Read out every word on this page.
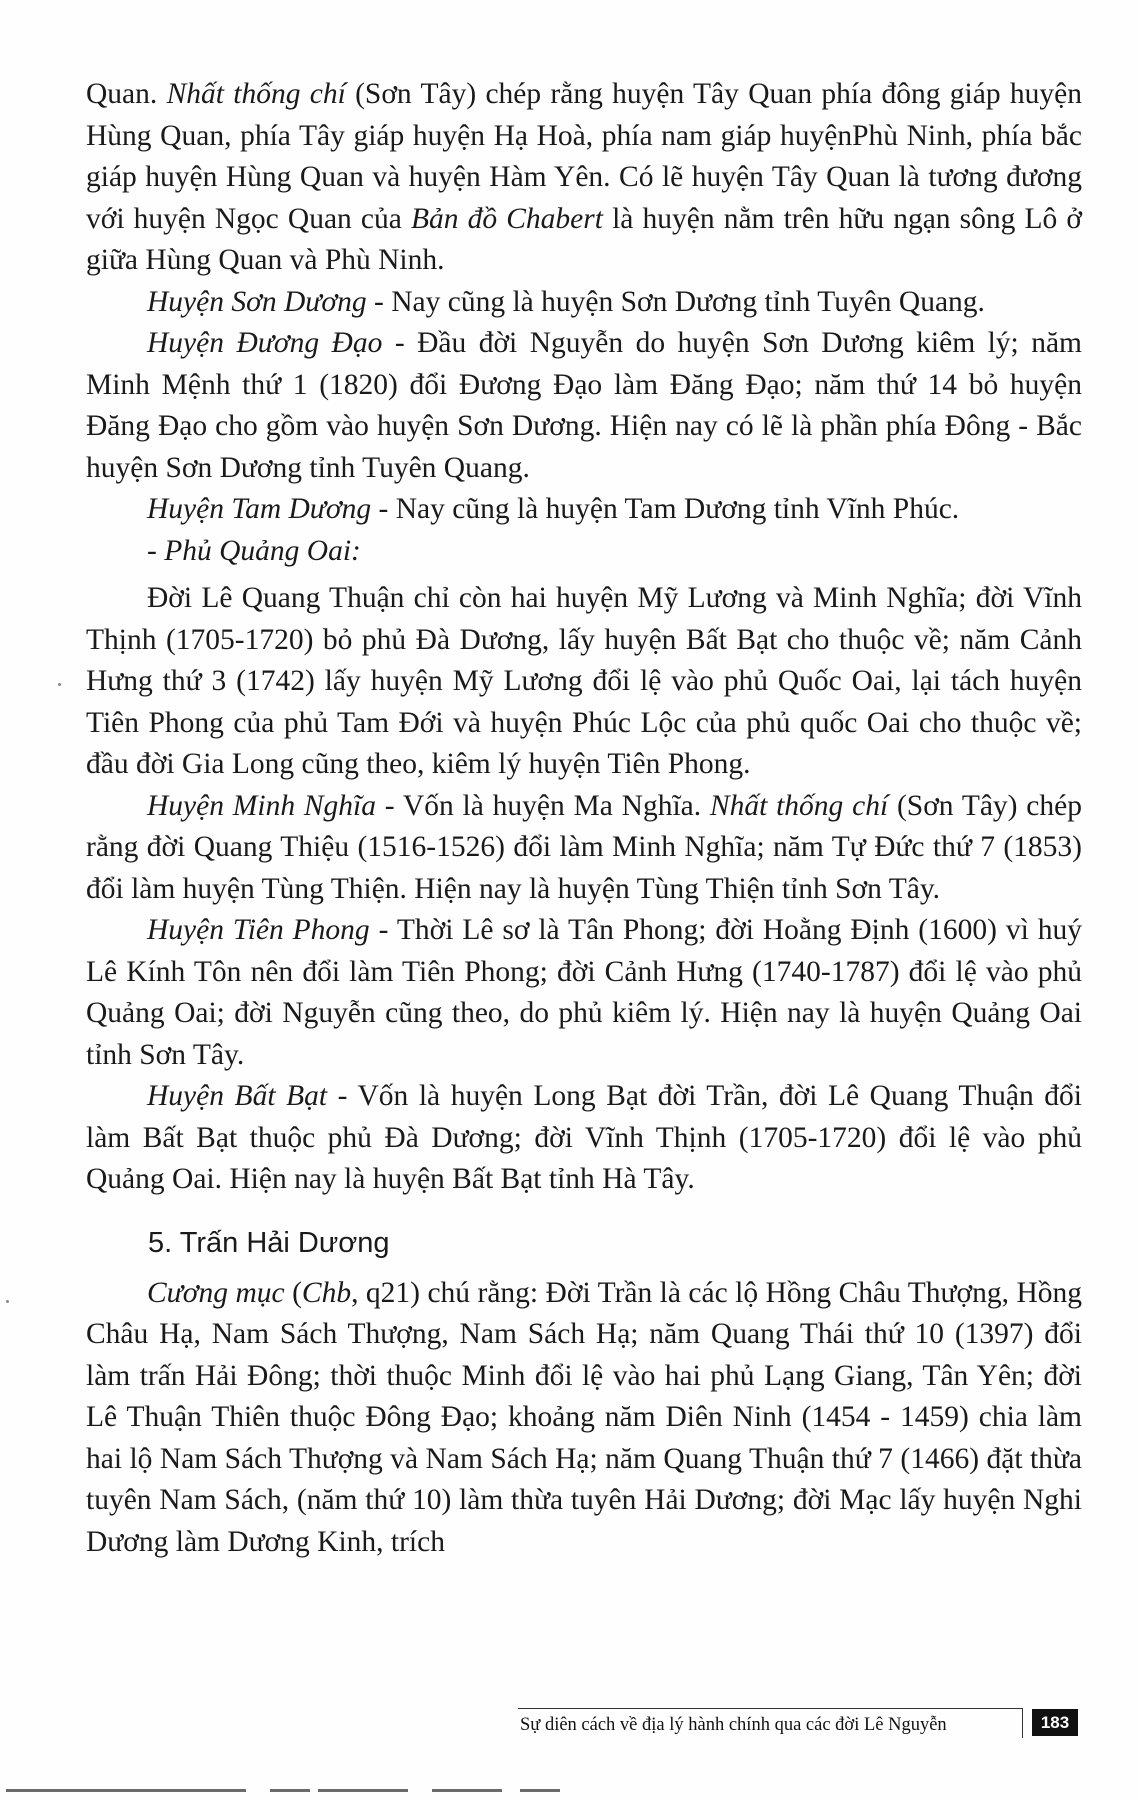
Quan. Nhất thống chí (Sơn Tây) chép rằng huyện Tây Quan phía đông giáp huyện Hùng Quan, phía Tây giáp huyện Hạ Hoà, phía nam giáp huyệnPhù Ninh, phía bắc giáp huyện Hùng Quan và huyện Hàm Yên. Có lẽ huyện Tây Quan là tương đương với huyện Ngọc Quan của Bản đồ Chabert là huyện nằm trên hữu ngạn sông Lô ở giữa Hùng Quan và Phù Ninh.

Huyện Sơn Dương - Nay cũng là huyện Sơn Dương tỉnh Tuyên Quang.

Huyện Đương Đạo - Đầu đời Nguyễn do huyện Sơn Dương kiêm lý; năm Minh Mệnh thứ 1 (1820) đổi Đương Đạo làm Đăng Đạo; năm thứ 14 bỏ huyện Đăng Đạo cho gồm vào huyện Sơn Dương. Hiện nay có lẽ là phần phía Đông - Bắc huyện Sơn Dương tỉnh Tuyên Quang.

Huyện Tam Dương - Nay cũng là huyện Tam Dương tỉnh Vĩnh Phúc.

- Phủ Quảng Oai:

Đời Lê Quang Thuận chỉ còn hai huyện Mỹ Lương và Minh Nghĩa; đời Vĩnh Thịnh (1705-1720) bỏ phủ Đà Dương, lấy huyện Bất Bạt cho thuộc về; năm Cảnh Hưng thứ 3 (1742) lấy huyện Mỹ Lương đổi lệ vào phủ Quốc Oai, lại tách huyện Tiên Phong của phủ Tam Đới và huyện Phúc Lộc của phủ quốc Oai cho thuộc về; đầu đời Gia Long cũng theo, kiêm lý huyện Tiên Phong.

Huyện Minh Nghĩa - Vốn là huyện Ma Nghĩa. Nhất thống chí (Sơn Tây) chép rằng đời Quang Thiệu (1516-1526) đổi làm Minh Nghĩa; năm Tự Đức thứ 7 (1853) đổi làm huyện Tùng Thiện. Hiện nay là huyện Tùng Thiện tỉnh Sơn Tây.

Huyện Tiên Phong - Thời Lê sơ là Tân Phong; đời Hoằng Định (1600) vì huý Lê Kính Tôn nên đổi làm Tiên Phong; đời Cảnh Hưng (1740-1787) đổi lệ vào phủ Quảng Oai; đời Nguyễn cũng theo, do phủ kiêm lý. Hiện nay là huyện Quảng Oai tỉnh Sơn Tây.

Huyện Bất Bạt - Vốn là huyện Long Bạt đời Trần, đời Lê Quang Thuận đổi làm Bất Bạt thuộc phủ Đà Dương; đời Vĩnh Thịnh (1705-1720) đổi lệ vào phủ Quảng Oai. Hiện nay là huyện Bất Bạt tỉnh Hà Tây.

5. Trấn Hải Dương

Cương mục (Chb, q21) chú rằng: Đời Trần là các lộ Hồng Châu Thượng, Hồng Châu Hạ, Nam Sách Thượng, Nam Sách Hạ; năm Quang Thái thứ 10 (1397) đổi làm trấn Hải Đông; thời thuộc Minh đổi lệ vào hai phủ Lạng Giang, Tân Yên; đời Lê Thuận Thiên thuộc Đông Đạo; khoảng năm Diên Ninh (1454 - 1459) chia làm hai lộ Nam Sách Thượng và Nam Sách Hạ; năm Quang Thuận thứ 7 (1466) đặt thừa tuyên Nam Sách, (năm thứ 10) làm thừa tuyên Hải Dương; đời Mạc lấy huyện Nghi Dương làm Dương Kinh, trích

Sự diên cách về địa lý hành chính qua các đời Lê Nguyễn	183
